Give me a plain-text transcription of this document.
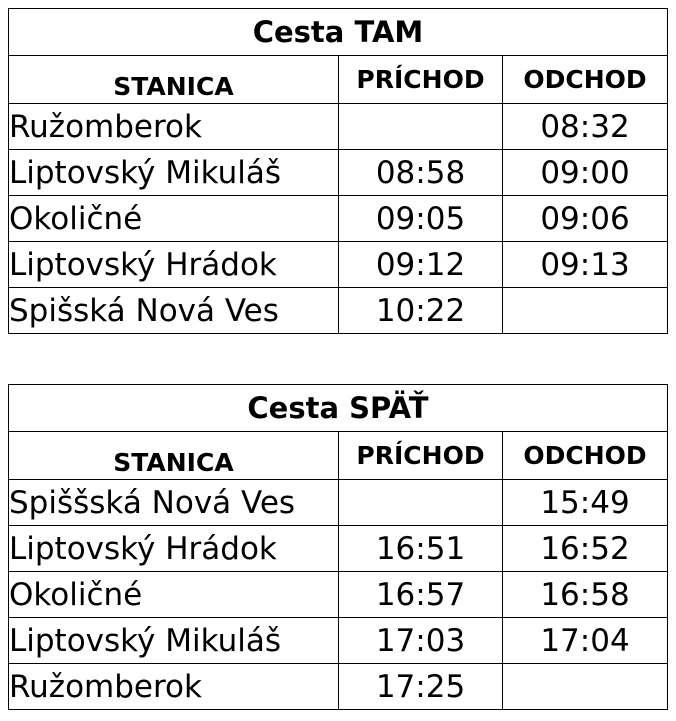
Cesta TAM		
STANICA	PRÍCHOD	ODCHOD
Ružomberok		08:32
Liptovský Mikuláš	08:58	09:00
Okoličné	09:05	09:06
Liptovský Hrádok	09:12	09:13
Spišská Nová Ves	10:22	
Cesta SPÄŤ		
STANICA	PRÍCHOD	ODCHOD
Spiššská Nová Ves		15:49
Liptovský Hrádok	16:51	16:52
Okoličné	16:57	16:58
Liptovský Mikuláš	17:03	17:04
Ružomberok	17:25	
